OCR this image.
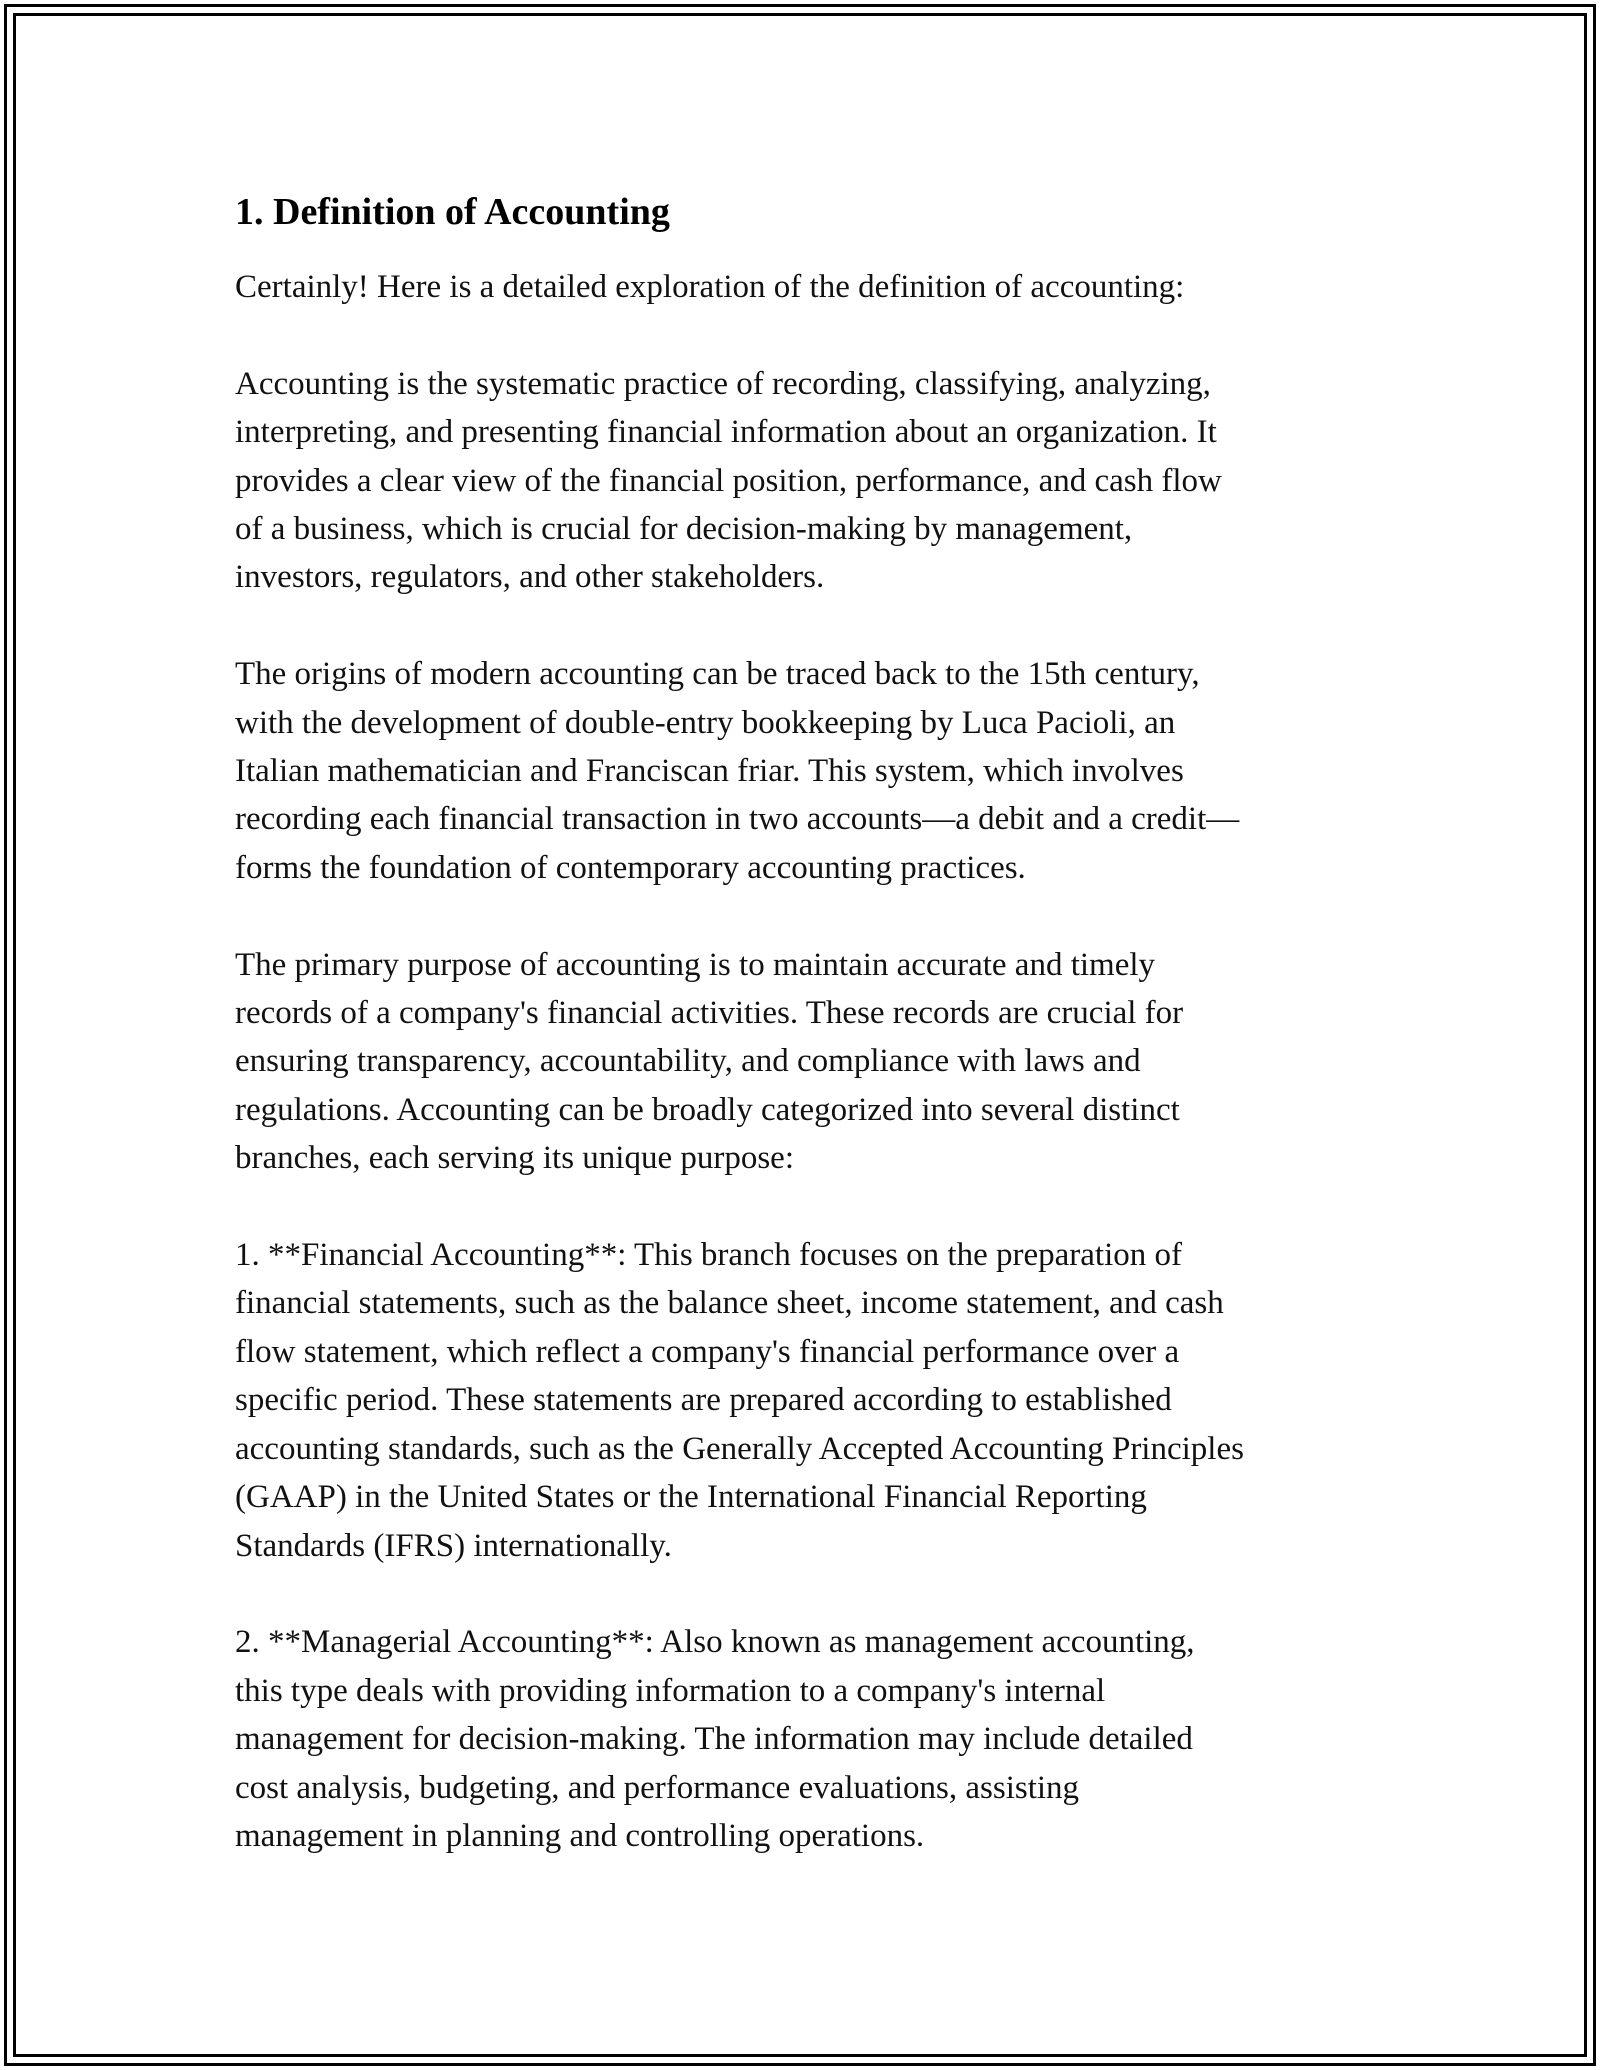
1. Definition of Accounting

Certainly! Here is a detailed exploration of the definition of accounting:

Accounting is the systematic practice of recording, classifying, analyzing,
interpreting, and presenting financial information about an organization. It
provides a clear view of the financial position, performance, and cash flow
of a business, which is crucial for decision-making by management,
investors, regulators, and other stakeholders.

The origins of modern accounting can be traced back to the 15th century,
with the development of double-entry bookkeeping by Luca Pacioli, an
Italian mathematician and Franciscan friar. This system, which involves
recording each financial transaction in two accounts—a debit and a credit—
forms the foundation of contemporary accounting practices.

The primary purpose of accounting is to maintain accurate and timely
records of a company's financial activities. These records are crucial for
ensuring transparency, accountability, and compliance with laws and
regulations. Accounting can be broadly categorized into several distinct
branches, each serving its unique purpose:

1. **Financial Accounting**: This branch focuses on the preparation of
financial statements, such as the balance sheet, income statement, and cash
flow statement, which reflect a company's financial performance over a
specific period. These statements are prepared according to established
accounting standards, such as the Generally Accepted Accounting Principles
(GAAP) in the United States or the International Financial Reporting
Standards (IFRS) internationally.

2. **Managerial Accounting**: Also known as management accounting,
this type deals with providing information to a company's internal
management for decision-making. The information may include detailed
cost analysis, budgeting, and performance evaluations, assisting
management in planning and controlling operations.
